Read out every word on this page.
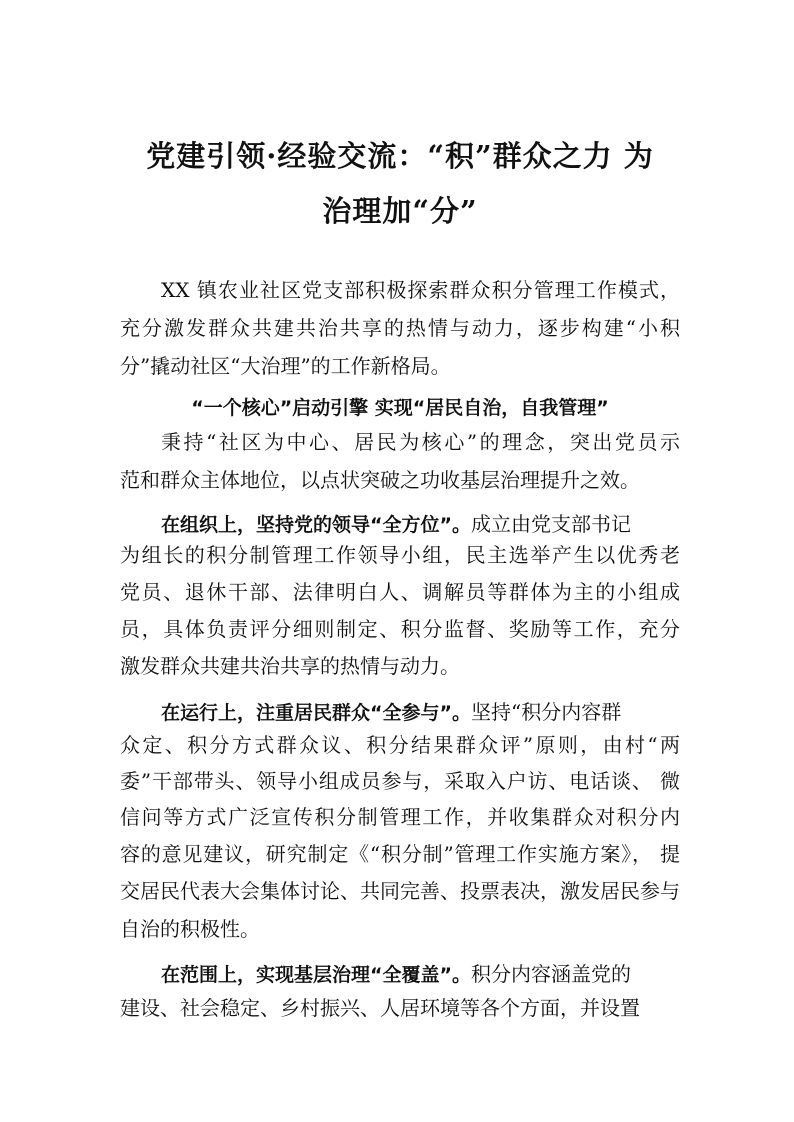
党建引领·经验交流：“积”群众之力 为
治理加“分”

XX 镇农业社区党支部积极探索群众积分管理工作模式，

充分激发群众共建共治共享的热情与动力，逐步构建“小积

分”撬动社区“大治理”的工作新格局。

“一个核心”启动引擎 实现“居民自治，自我管理”

秉持“社区为中心、居民为核心”的理念，突出党员示

范和群众主体地位，以点状突破之功收基层治理提升之效。

在组织上，坚持党的领导“全方位”。成立由党支部书记

为组长的积分制管理工作领导小组，民主选举产生以优秀老

党员、退休干部、法律明白人、调解员等群体为主的小组成

员，具体负责评分细则制定、积分监督、奖励等工作，充分

激发群众共建共治共享的热情与动力。

在运行上，注重居民群众“全参与”。坚持“积分内容群

众定、积分方式群众议、积分结果群众评”原则，由村“两

委”干部带头、领导小组成员参与，采取入户访、电话谈、 微

信问等方式广泛宣传积分制管理工作，并收集群众对积分内

容的意见建议，研究制定《“积分制”管理工作实施方案》， 提

交居民代表大会集体讨论、共同完善、投票表决，激发居民参与

自治的积极性。

在范围上，实现基层治理“全覆盖”。积分内容涵盖党的

建设、社会稳定、乡村振兴、人居环境等各个方面，并设置
